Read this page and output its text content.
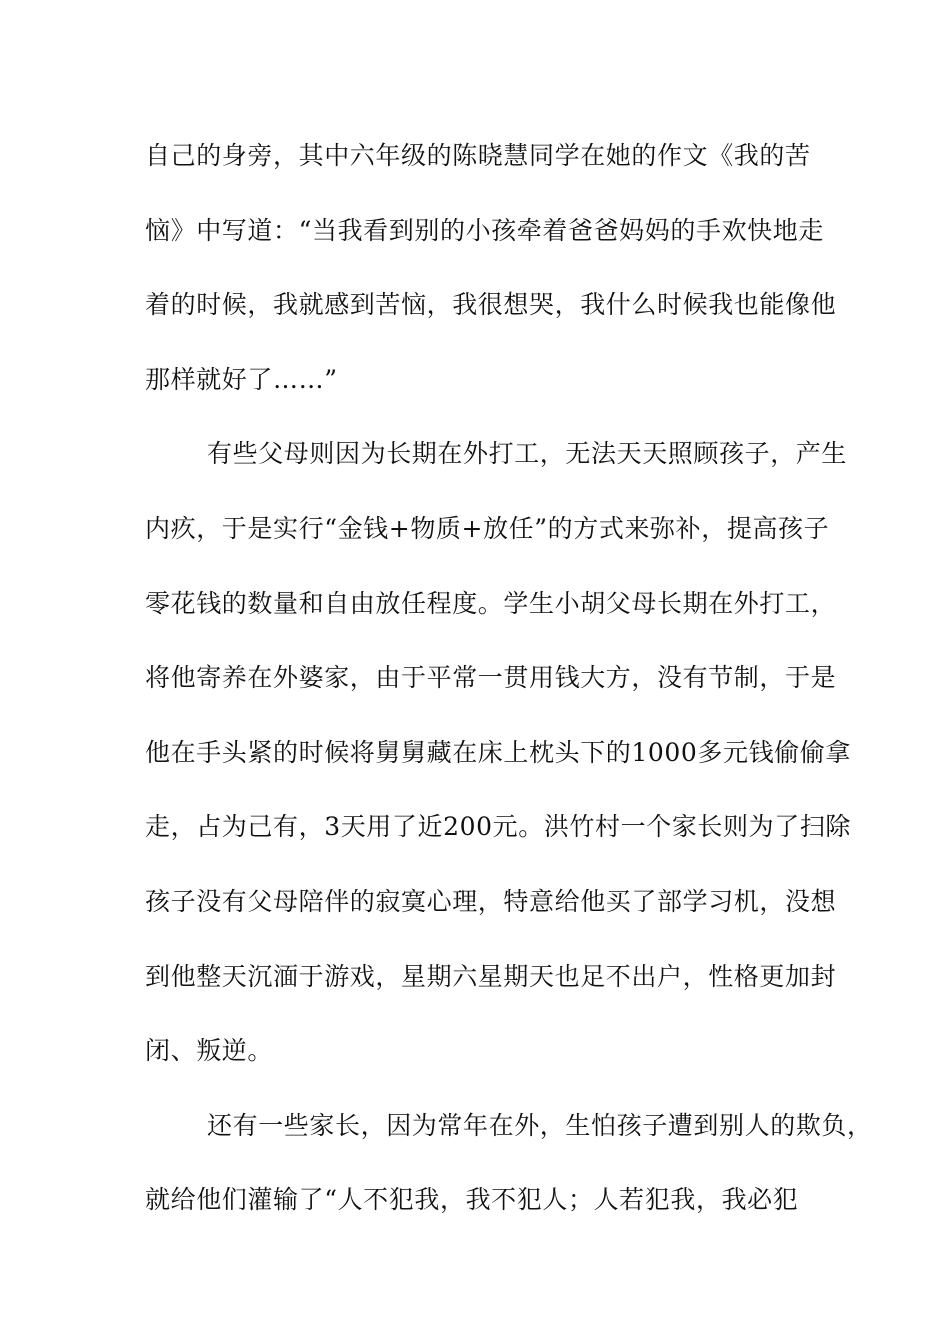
自己的身旁，其中六年级的陈晓慧同学在她的作文《我的苦
恼》中写道：“当我看到别的小孩牵着爸爸妈妈的手欢快地走
着的时候，我就感到苦恼，我很想哭，我什么时候我也能像他
那样就好了……”
有些父母则因为长期在外打工，无法天天照顾孩子，产生
内疚，于是实行“金钱+物质+放任”的方式来弥补，提高孩子
零花钱的数量和自由放任程度。学生小胡父母长期在外打工，
将他寄养在外婆家，由于平常一贯用钱大方，没有节制，于是
他在手头紧的时候将舅舅藏在床上枕头下的1000多元钱偷偷拿
走，占为己有，3天用了近200元。洪竹村一个家长则为了扫除
孩子没有父母陪伴的寂寞心理，特意给他买了部学习机，没想
到他整天沉湎于游戏，星期六星期天也足不出户，性格更加封
闭、叛逆。
还有一些家长，因为常年在外，生怕孩子遭到别人的欺负，
就给他们灌输了“人不犯我，我不犯人；人若犯我，我必犯
